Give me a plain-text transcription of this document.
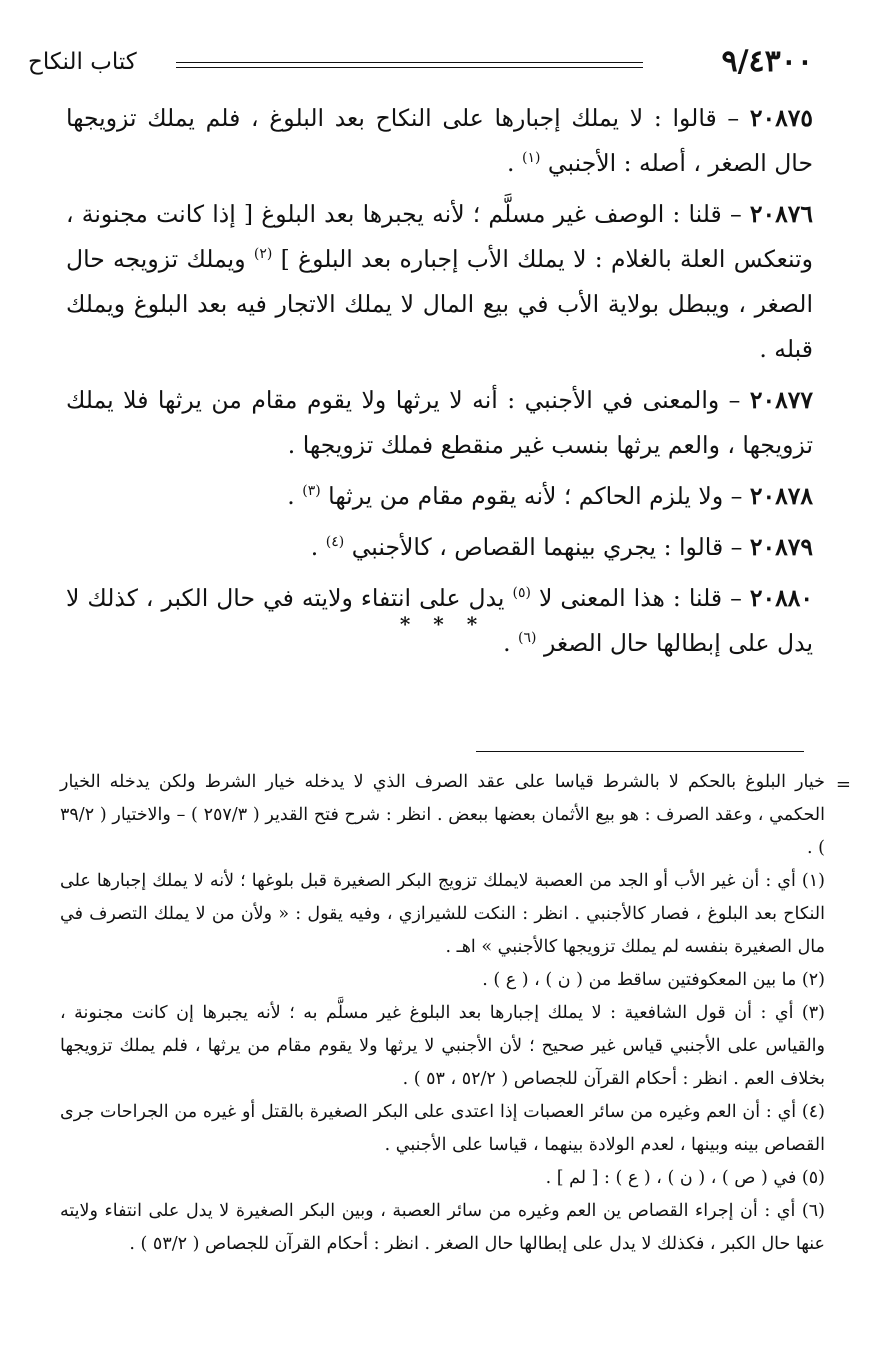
٩/٤٣٠٠
كتاب النكاح

٢٠٨٧٥ – قالوا : لا يملك إجبارها على النكاح بعد البلوغ ، فلم يملك تزويجها حال الصغر ، أصله : الأجنبي $^{(١)}$ .

٢٠٨٧٦ – قلنا : الوصف غير مسلَّم ؛ لأنه يجبرها بعد البلوغ [ إذا كانت مجنونة ، وتنعكس العلة بالغلام : لا يملك الأب إجباره بعد البلوغ ] $^{(٢)}$ ويملك تزويجه حال الصغر ، ويبطل بولاية الأب في بيع المال لا يملك الاتجار فيه بعد البلوغ ويملك قبله .

٢٠٨٧٧ – والمعنى في الأجنبي : أنه لا يرثها ولا يقوم مقام من يرثها فلا يملك تزويجها ، والعم يرثها بنسب غير منقطع فملك تزويجها .

٢٠٨٧٨ – ولا يلزم الحاكم ؛ لأنه يقوم مقام من يرثها $^{(٣)}$ .

٢٠٨٧٩ – قالوا : يجري بينهما القصاص ، كالأجنبي $^{(٤)}$ .

٢٠٨٨٠ – قلنا : هذا المعنى لا $^{(٥)}$ يدل على انتفاء ولايته في حال الكبر ، كذلك لا يدل على إبطالها حال الصغر $^{(٦)}$ .

* * *
=

خيار البلوغ بالحكم لا بالشرط قياسا على عقد الصرف الذي لا يدخله خيار الشرط ولكن يدخله الخيار الحكمي ، وعقد الصرف : هو بيع الأثمان بعضها ببعض . انظر : شرح فتح القدير ( ٢٥٧/٣ ) – والاختيار ( ٣٩/٢ ) .

(١) أي : أن غير الأب أو الجد من العصبة لايملك تزويج البكر الصغيرة قبل بلوغها ؛ لأنه لا يملك إجبارها على النكاح بعد البلوغ ، فصار كالأجنبي . انظر : النكت للشيرازي ، وفيه يقول : « ولأن من لا يملك التصرف في مال الصغيرة بنفسه لم يملك تزويجها كالأجنبي » اهـ .

(٢) ما بين المعكوفتين ساقط من ( ن ) ، ( ع ) .

(٣) أي : أن قول الشافعية : لا يملك إجبارها بعد البلوغ غير مسلَّم به ؛ لأنه يجبرها إن كانت مجنونة ، والقياس على الأجنبي قياس غير صحيح ؛ لأن الأجنبي لا يرثها ولا يقوم مقام من يرثها ، فلم يملك تزويجها بخلاف العم . انظر : أحكام القرآن للجصاص ( ٥٢/٢ ، ٥٣ ) .

(٤) أي : أن العم وغيره من سائر العصبات إذا اعتدى على البكر الصغيرة بالقتل أو غيره من الجراحات جرى القصاص بينه وبينها ، لعدم الولادة بينهما ، قياسا على الأجنبي .

(٥) في ( ص ) ، ( ن ) ، ( ع ) : [ لم ] .

(٦) أي : أن إجراء القصاص ين العم وغيره من سائر العصبة ، وبين البكر الصغيرة لا يدل على انتفاء ولايته عنها حال الكبر ، فكذلك لا يدل على إبطالها حال الصغر . انظر : أحكام القرآن للجصاص ( ٥٣/٢ ) .
